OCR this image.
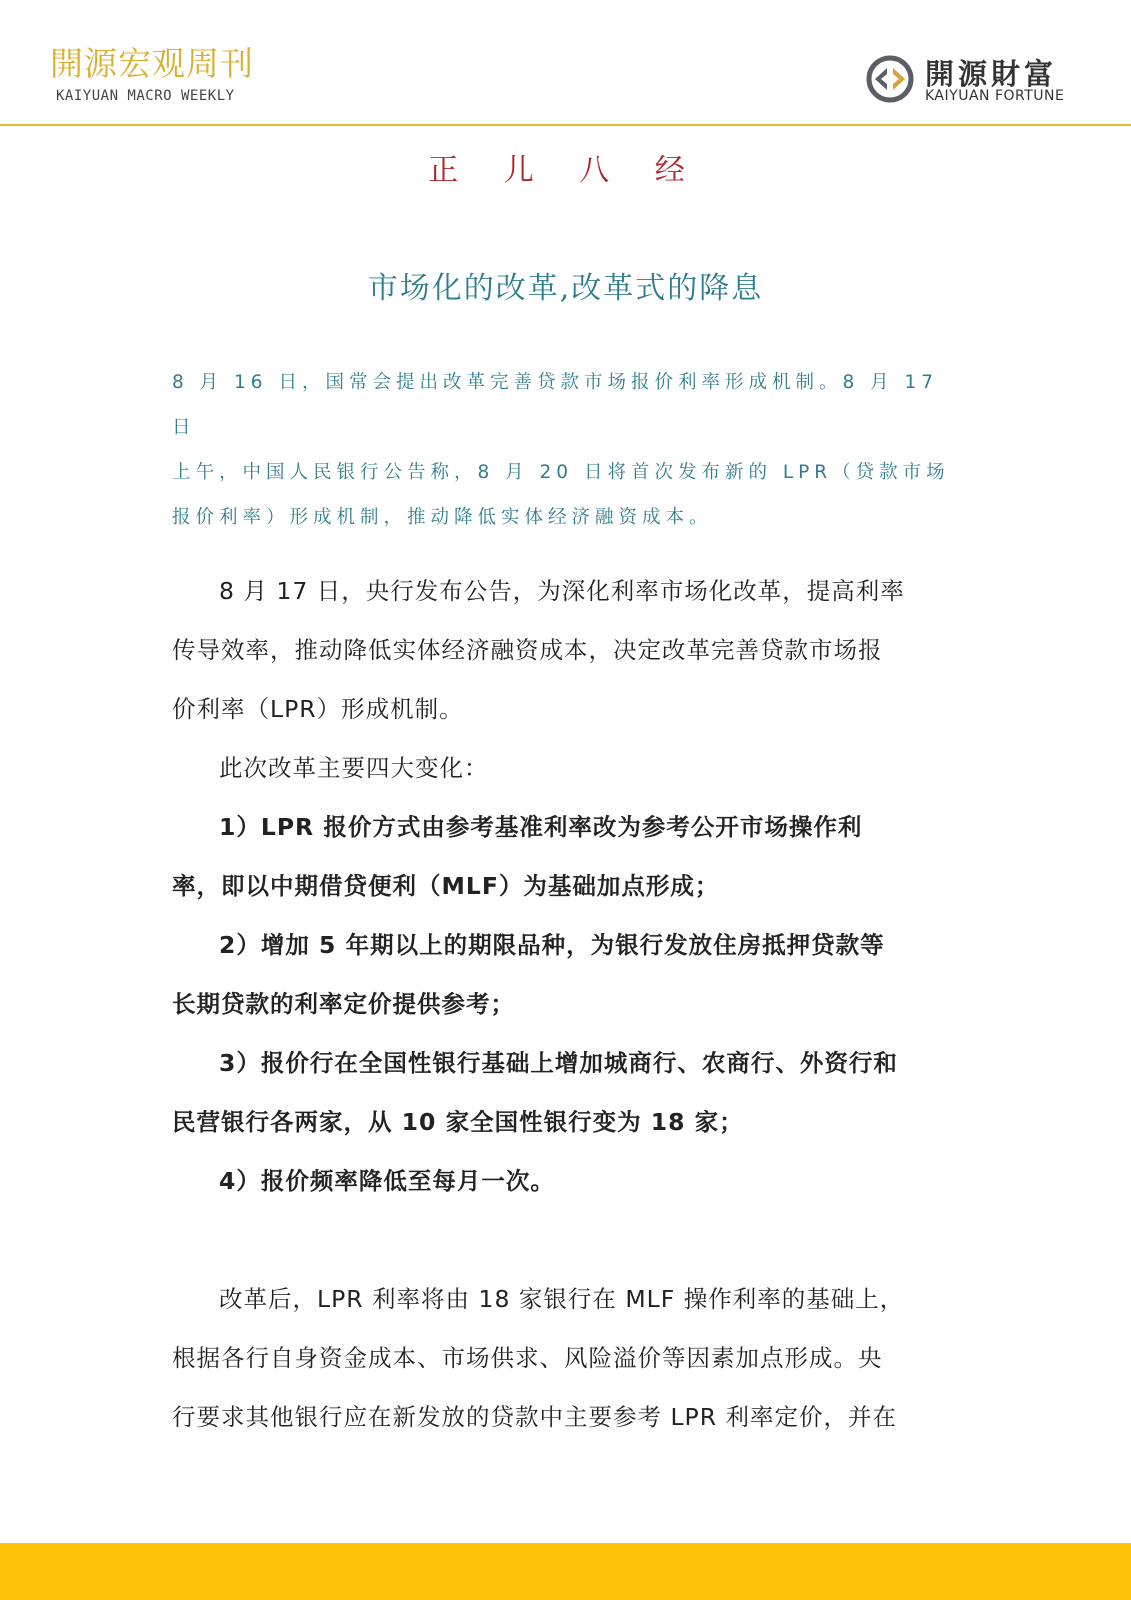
開源宏观周刊
KAIYUAN MACRO WEEKLY
開源財富
KAIYUAN FORTUNE
正 儿 八 经
市场化的改革,改革式的降息

8 月 16 日，国常会提出改革完善贷款市场报价利率形成机制。8 月 17 日

上午，中国人民银行公告称，8 月 20 日将首次发布新的 LPR（贷款市场

报价利率）形成机制，推动降低实体经济融资成本。

8 月 17 日，央行发布公告，为深化利率市场化改革，提高利率

传导效率，推动降低实体经济融资成本，决定改革完善贷款市场报

价利率（LPR）形成机制。

此次改革主要四大变化：

1）LPR 报价方式由参考基准利率改为参考公开市场操作利

率，即以中期借贷便利（MLF）为基础加点形成；

2）增加 5 年期以上的期限品种，为银行发放住房抵押贷款等

长期贷款的利率定价提供参考；

3）报价行在全国性银行基础上增加城商行、农商行、外资行和

民营银行各两家，从 10 家全国性银行变为 18 家；

4）报价频率降低至每月一次。

改革后，LPR 利率将由 18 家银行在 MLF 操作利率的基础上，

根据各行自身资金成本、市场供求、风险溢价等因素加点形成。央

行要求其他银行应在新发放的贷款中主要参考 LPR 利率定价，并在
